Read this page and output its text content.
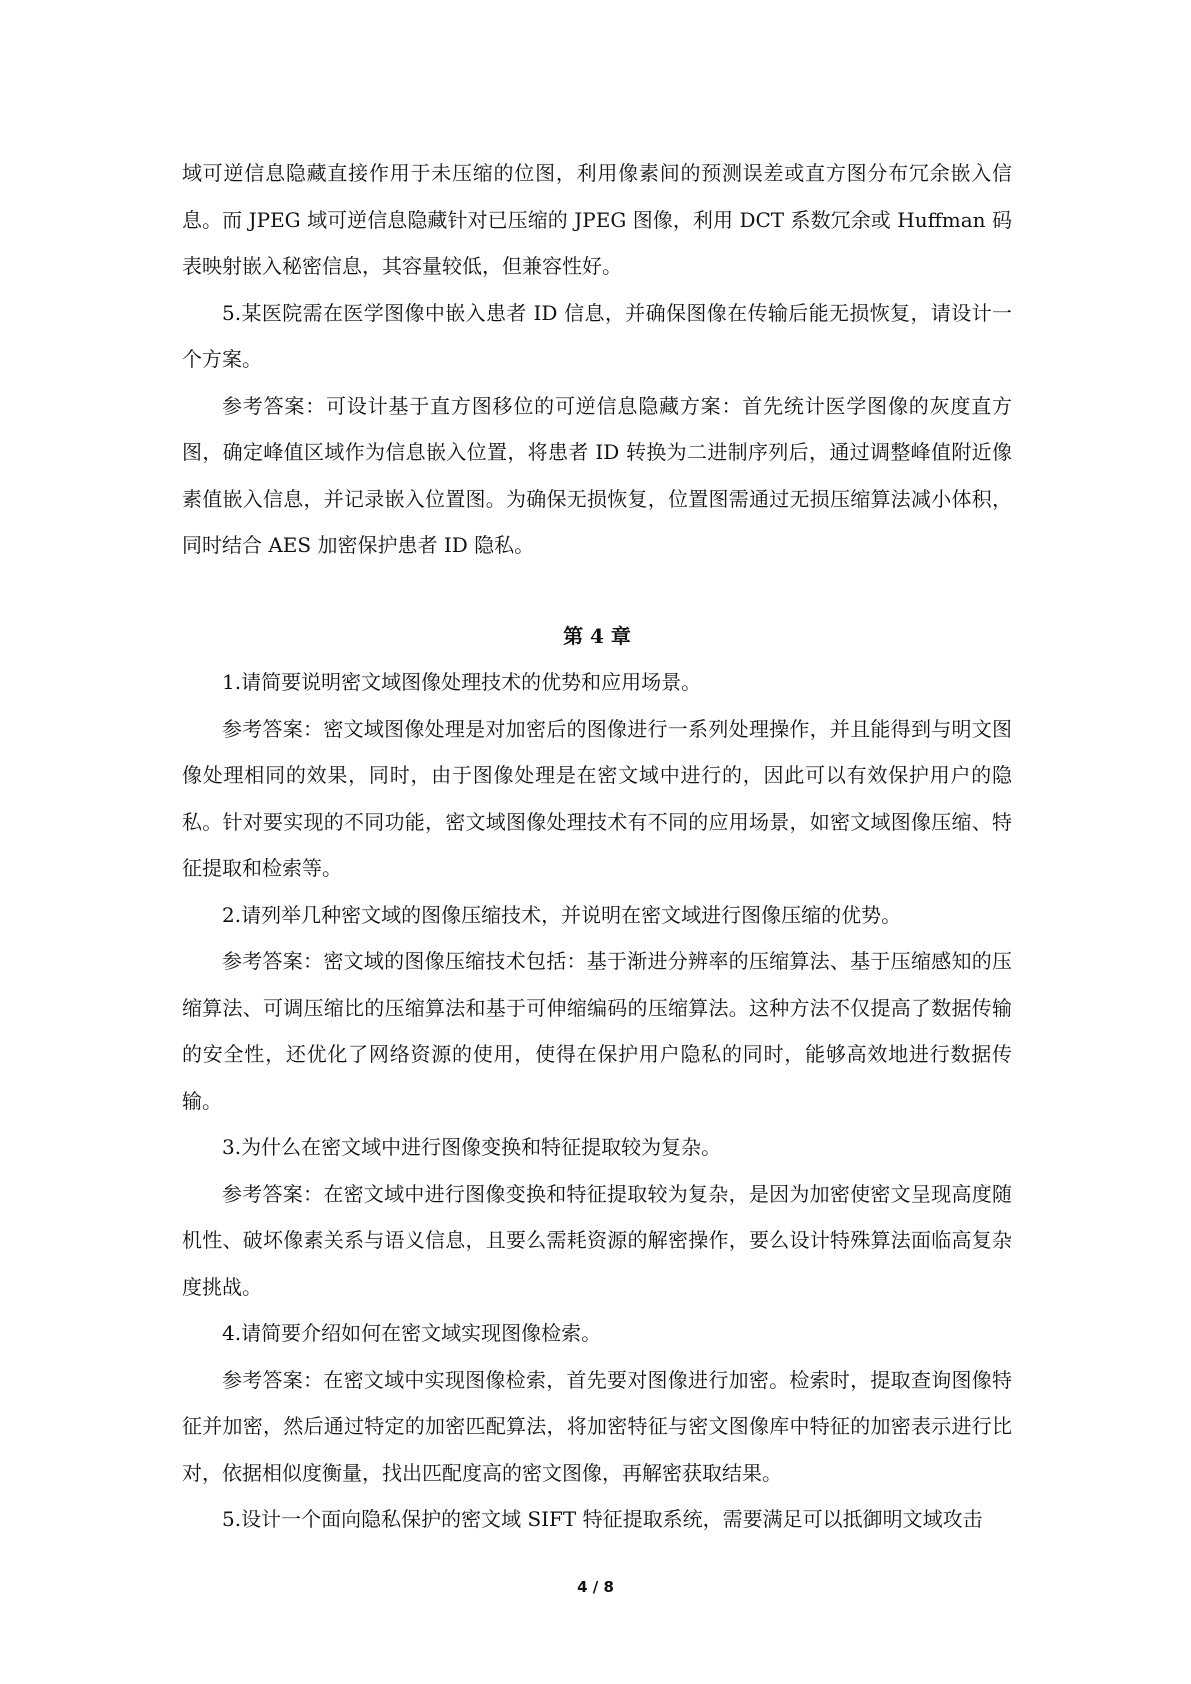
域可逆信息隐藏直接作用于未压缩的位图，利用像素间的预测误差或直方图分布冗余嵌入信息。而 JPEG 域可逆信息隐藏针对已压缩的 JPEG 图像，利用 DCT 系数冗余或 Huffman 码表映射嵌入秘密信息，其容量较低，但兼容性好。

5.某医院需在医学图像中嵌入患者 ID 信息，并确保图像在传输后能无损恢复，请设计一个方案。

参考答案：可设计基于直方图移位的可逆信息隐藏方案：首先统计医学图像的灰度直方图，确定峰值区域作为信息嵌入位置，将患者 ID 转换为二进制序列后，通过调整峰值附近像素值嵌入信息，并记录嵌入位置图。为确保无损恢复，位置图需通过无损压缩算法减小体积，同时结合 AES 加密保护患者 ID 隐私。

第 4 章

1.请简要说明密文域图像处理技术的优势和应用场景。

参考答案：密文域图像处理是对加密后的图像进行一系列处理操作，并且能得到与明文图像处理相同的效果，同时，由于图像处理是在密文域中进行的，因此可以有效保护用户的隐私。针对要实现的不同功能，密文域图像处理技术有不同的应用场景，如密文域图像压缩、特征提取和检索等。

2.请列举几种密文域的图像压缩技术，并说明在密文域进行图像压缩的优势。

参考答案：密文域的图像压缩技术包括：基于渐进分辨率的压缩算法、基于压缩感知的压缩算法、可调压缩比的压缩算法和基于可伸缩编码的压缩算法。这种方法不仅提高了数据传输的安全性，还优化了网络资源的使用，使得在保护用户隐私的同时，能够高效地进行数据传输。

3.为什么在密文域中进行图像变换和特征提取较为复杂。

参考答案：在密文域中进行图像变换和特征提取较为复杂，是因为加密使密文呈现高度随机性、破坏像素关系与语义信息，且要么需耗资源的解密操作，要么设计特殊算法面临高复杂度挑战。

4.请简要介绍如何在密文域实现图像检索。

参考答案：在密文域中实现图像检索，首先要对图像进行加密。检索时，提取查询图像特征并加密，然后通过特定的加密匹配算法，将加密特征与密文图像库中特征的加密表示进行比对，依据相似度衡量，找出匹配度高的密文图像，再解密获取结果。

5.设计一个面向隐私保护的密文域 SIFT 特征提取系统，需要满足可以抵御明文域攻击

4 / 8
